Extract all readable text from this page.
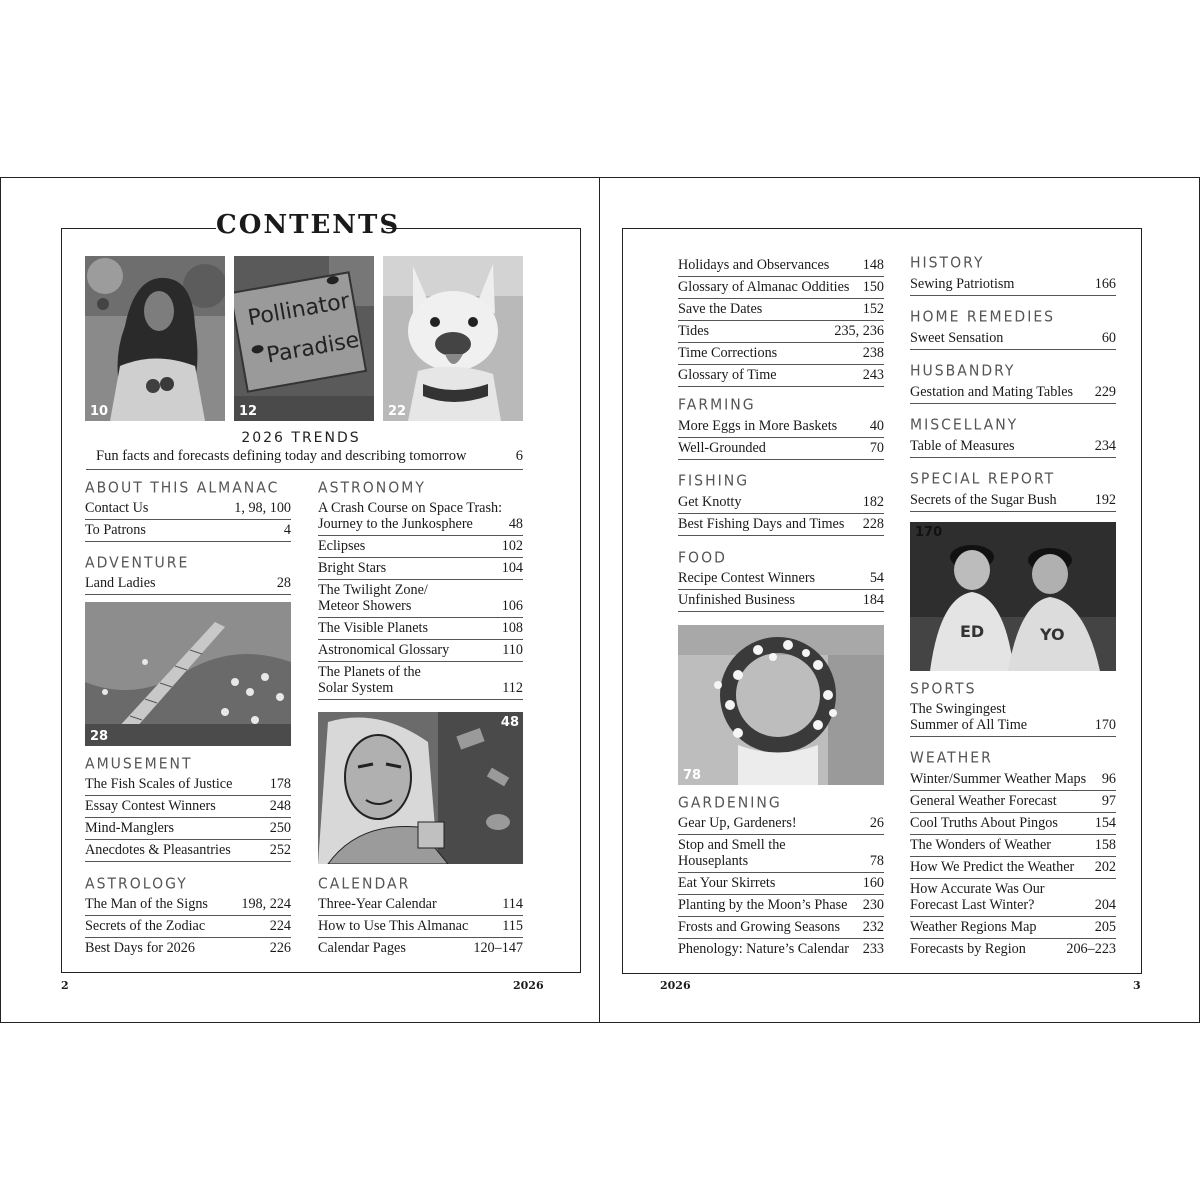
CONTENTS
10
Pollinator
Paradise
12	22
2026 TRENDS
Fun facts and forecasts defining today and describing tomorrow	6
ABOUT THIS ALMANAC
Contact Us	1, 98, 100
To Patrons	4
ADVENTURE
Land Ladies	28
28
AMUSEMENT
The Fish Scales of Justice	178
Essay Contest Winners	248
Mind-Manglers	250
Anecdotes & Pleasantries	252
ASTROLOGY
The Man of the Signs 198, 224
Secrets of the Zodiac	224
Best Days for 2026	226
ASTRONOMY
A Crash Course on Space Trash:
Journey to the Junkosphere	48
Eclipses	102
Bright Stars	104
The Twilight Zone/
Meteor Showers	106
The Visible Planets	108
Astronomical Glossary	110
The Planets of the
Solar System	112
48
CALENDAR
Three-Year Calendar	114
How to Use This Almanac 115
Calendar Pages	120–147
2	2026
Holidays and Observances 148
Glossary of Almanac Oddities 150
Save the Dates	152
Tides	235, 236
Time Corrections	238
Glossary of Time	243
FARMING
More Eggs in More Baskets 40
Well-Grounded	70
FISHING
Get Knotty	182
Best Fishing Days and Times 228
FOOD
Recipe Contest Winners	54
Unfinished Business	184
78
GARDENING
Gear Up, Gardeners!	26
Stop and Smell the
Houseplants	78
Eat Your Skirrets	160
Planting by the Moon’s Phase 230
Frosts and Growing Seasons 232
Phenology: Nature’s Calendar 233
HISTORY
Sewing Patriotism	166
HOME REMEDIES
Sweet Sensation	60
HUSBANDRY
Gestation and Mating Tables 229
MISCELLANY
Table of Measures	234
SPECIAL REPORT
Secrets of the Sugar Bush	192
ED	YO
170
SPORTS
The Swingingest
Summer of All Time	170
WEATHER
Winter/Summer Weather Maps 96
General Weather Forecast	97
Cool Truths About Pingos	154
The Wonders of Weather	158
How We Predict the Weather 202
How Accurate Was Our
Forecast Last Winter?	204
Weather Regions Map	205
Forecasts by Region	206–223
2026	3
